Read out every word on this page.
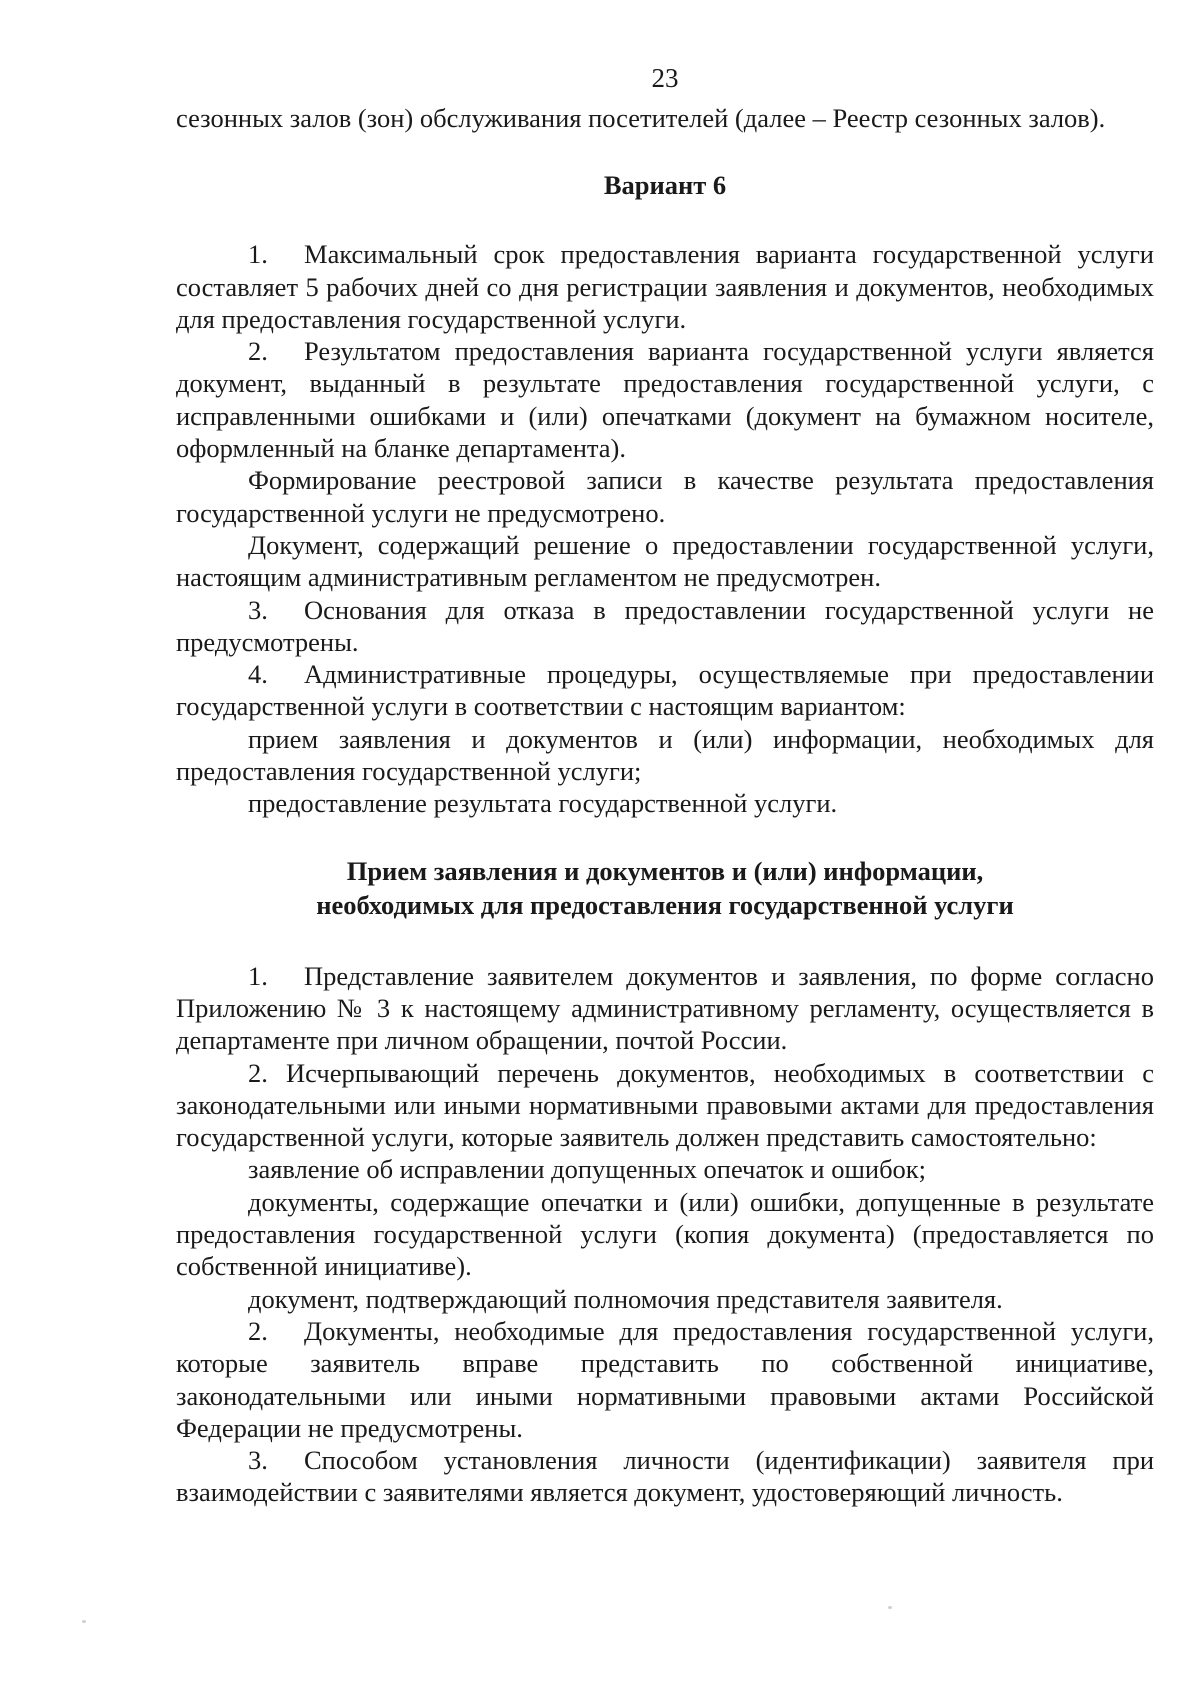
23

сезонных залов (зон) обслуживания посетителей (далее – Реестр сезонных залов).

Вариант 6

1. Максимальный срок предоставления варианта государственной услуги составляет 5 рабочих дней со дня регистрации заявления и документов, необходимых для предоставления государственной услуги.

2. Результатом предоставления варианта государственной услуги является документ, выданный в результате предоставления государственной услуги, с исправленными ошибками и (или) опечатками (документ на бумажном носителе, оформленный на бланке департамента).

Формирование реестровой записи в качестве результата предоставления государственной услуги не предусмотрено.

Документ, содержащий решение о предоставлении государственной услуги, настоящим административным регламентом не предусмотрен.

3. Основания для отказа в предоставлении государственной услуги не предусмотрены.

4. Административные процедуры, осуществляемые при предоставлении государственной услуги в соответствии с настоящим вариантом:

прием заявления и документов и (или) информации, необходимых для предоставления государственной услуги;

предоставление результата государственной услуги.

Прием заявления и документов и (или) информации,
необходимых для предоставления государственной услуги

1. Представление заявителем документов и заявления, по форме согласно Приложению № 3 к настоящему административному регламенту, осуществляется в департаменте при личном обращении, почтой России.

2. Исчерпывающий перечень документов, необходимых в соответствии с законодательными или иными нормативными правовыми актами для предоставления государственной услуги, которые заявитель должен представить самостоятельно:

заявление об исправлении допущенных опечаток и ошибок;

документы, содержащие опечатки и (или) ошибки, допущенные в результате предоставления государственной услуги (копия документа) (предоставляется по собственной инициативе).

документ, подтверждающий полномочия представителя заявителя.

2. Документы, необходимые для предоставления государственной услуги, которые заявитель вправе представить по собственной инициативе, законодательными или иными нормативными правовыми актами Российской Федерации не предусмотрены.

3. Способом установления личности (идентификации) заявителя при взаимодействии с заявителями является документ, удостоверяющий личность.
